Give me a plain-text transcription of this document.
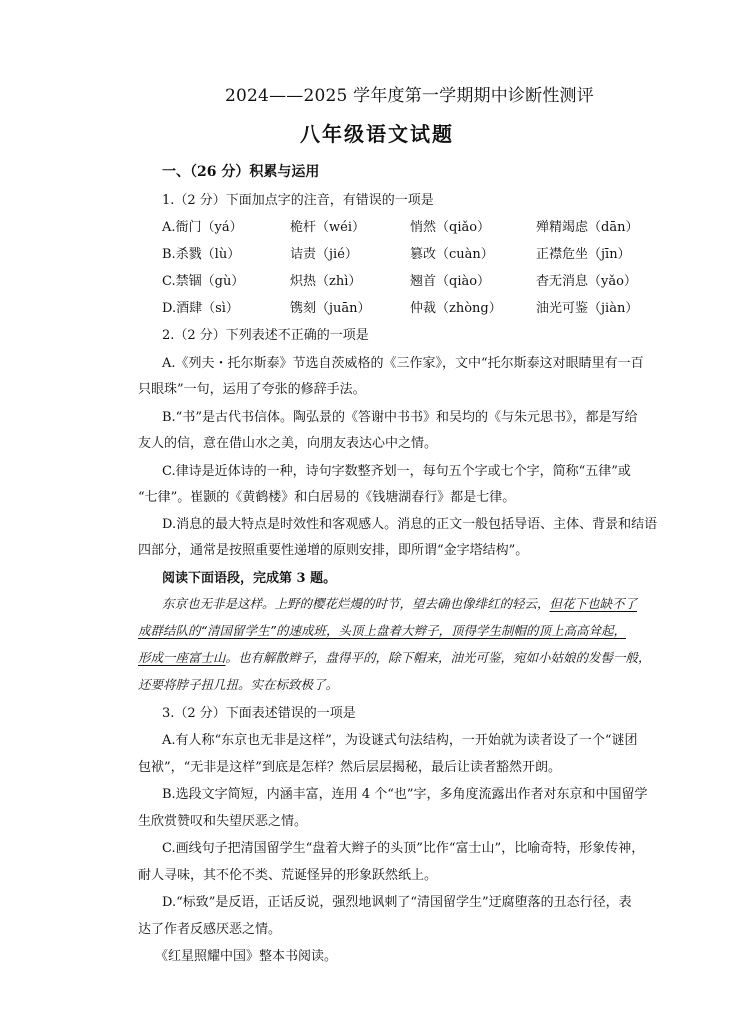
2024——2025 学年度第一学期期中诊断性测评
八年级语文试题
一、（26 分）积累与运用
1.（2 分）下面加点字的注音，有错误的一项是
A.衙门（yá）	桅杆（wéi）	悄然（qiǎo）	殚精竭虑（dān）
B.杀戮（lù）	诘责（jié）	篡改（cuàn）	正襟危坐（jīn）
C.禁锢（gù）	炽热（zhì）	翘首（qiào）	杳无消息（yǎo）
D.酒肆（sì）	镌刻（juān）	仲裁（zhòng）	油光可鉴（jiàn）
2.（2 分）下列表述不正确的一项是
A.《列夫・托尔斯泰》节选自茨威格的《三作家》，文中“托尔斯泰这对眼睛里有一百
只眼珠”一句，运用了夸张的修辞手法。
B.“书”是古代书信体。陶弘景的《答谢中书书》和吴均的《与朱元思书》，都是写给
友人的信，意在借山水之美，向朋友表达心中之情。
C.律诗是近体诗的一种，诗句字数整齐划一，每句五个字或七个字，简称“五律”或
“七律”。崔颢的《黄鹤楼》和白居易的《钱塘湖春行》都是七律。
D.消息的最大特点是时效性和客观感人。消息的正文一般包括导语、主体、背景和结语
四部分，通常是按照重要性递增的原则安排，即所谓“金字塔结构”。
阅读下面语段，完成第 3 题。
东京也无非是这样。上野的樱花烂熳的时节，望去确也像绯红的轻云，但花下也缺不了
成群结队的“清国留学生”的速成班，头顶上盘着大辫子，顶得学生制帽的顶上高高耸起，
形成一座富士山。也有解散辫子，盘得平的，除下帽来，油光可鉴，宛如小姑娘的发髻一般，
还要将脖子扭几扭。实在标致极了。
3.（2 分）下面表述错误的一项是
A.有人称“东京也无非是这样”，为设谜式句法结构，一开始就为读者设了一个“谜团
包袱”，“无非是这样”到底是怎样？然后层层揭秘，最后让读者豁然开朗。
B.选段文字简短，内涵丰富，连用 4 个“也”字，多角度流露出作者对东京和中国留学
生欣赏赞叹和失望厌恶之情。
C.画线句子把清国留学生“盘着大辫子的头顶”比作“富士山”，比喻奇特，形象传神，
耐人寻味，其不伦不类、荒诞怪异的形象跃然纸上。
D.“标致”是反语，正话反说，强烈地讽刺了“清国留学生”迂腐堕落的丑态行径，表
达了作者反感厌恶之情。
《红星照耀中国》整本书阅读。
